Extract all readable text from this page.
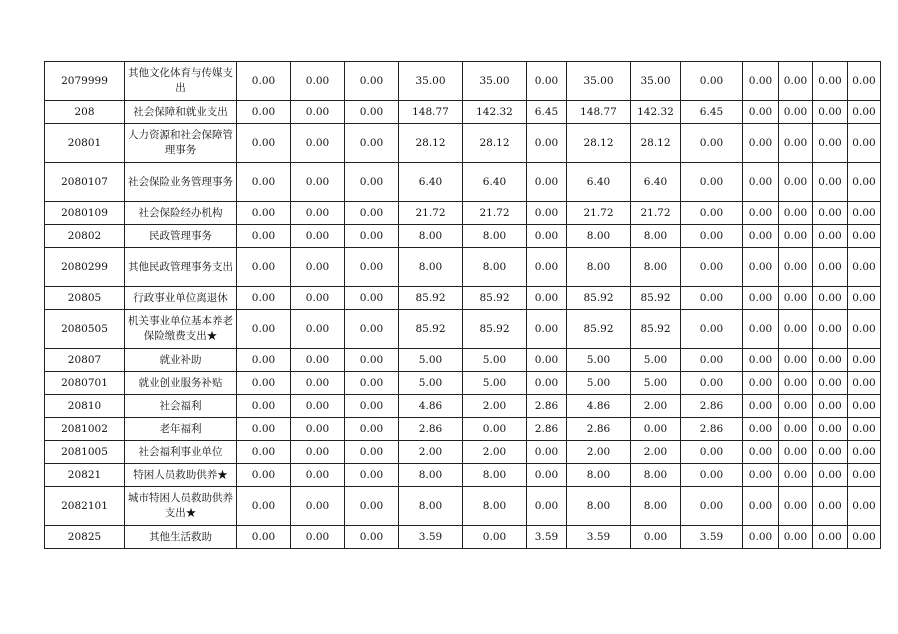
2079999	其他文化体育与传媒支出	0.00	0.00	0.00	35.00	35.00	0.00	35.00	35.00	0.00	0.00	0.00	0.00	0.00
208	社会保障和就业支出	0.00	0.00	0.00	148.77	142.32	6.45	148.77	142.32	6.45	0.00	0.00	0.00	0.00
20801	人力资源和社会保障管理事务	0.00	0.00	0.00	28.12	28.12	0.00	28.12	28.12	0.00	0.00	0.00	0.00	0.00
2080107	社会保险业务管理事务	0.00	0.00	0.00	6.40	6.40	0.00	6.40	6.40	0.00	0.00	0.00	0.00	0.00
2080109	社会保险经办机构	0.00	0.00	0.00	21.72	21.72	0.00	21.72	21.72	0.00	0.00	0.00	0.00	0.00
20802	民政管理事务	0.00	0.00	0.00	8.00	8.00	0.00	8.00	8.00	0.00	0.00	0.00	0.00	0.00
2080299	其他民政管理事务支出	0.00	0.00	0.00	8.00	8.00	0.00	8.00	8.00	0.00	0.00	0.00	0.00	0.00
20805	行政事业单位离退休	0.00	0.00	0.00	85.92	85.92	0.00	85.92	85.92	0.00	0.00	0.00	0.00	0.00
2080505	机关事业单位基本养老保险缴费支出★	0.00	0.00	0.00	85.92	85.92	0.00	85.92	85.92	0.00	0.00	0.00	0.00	0.00
20807	就业补助	0.00	0.00	0.00	5.00	5.00	0.00	5.00	5.00	0.00	0.00	0.00	0.00	0.00
2080701	就业创业服务补贴	0.00	0.00	0.00	5.00	5.00	0.00	5.00	5.00	0.00	0.00	0.00	0.00	0.00
20810	社会福利	0.00	0.00	0.00	4.86	2.00	2.86	4.86	2.00	2.86	0.00	0.00	0.00	0.00
2081002	老年福利	0.00	0.00	0.00	2.86	0.00	2.86	2.86	0.00	2.86	0.00	0.00	0.00	0.00
2081005	社会福利事业单位	0.00	0.00	0.00	2.00	2.00	0.00	2.00	2.00	0.00	0.00	0.00	0.00	0.00
20821	特困人员救助供养★	0.00	0.00	0.00	8.00	8.00	0.00	8.00	8.00	0.00	0.00	0.00	0.00	0.00
2082101	城市特困人员救助供养支出★	0.00	0.00	0.00	8.00	8.00	0.00	8.00	8.00	0.00	0.00	0.00	0.00	0.00
20825	其他生活救助	0.00	0.00	0.00	3.59	0.00	3.59	3.59	0.00	3.59	0.00	0.00	0.00	0.00
